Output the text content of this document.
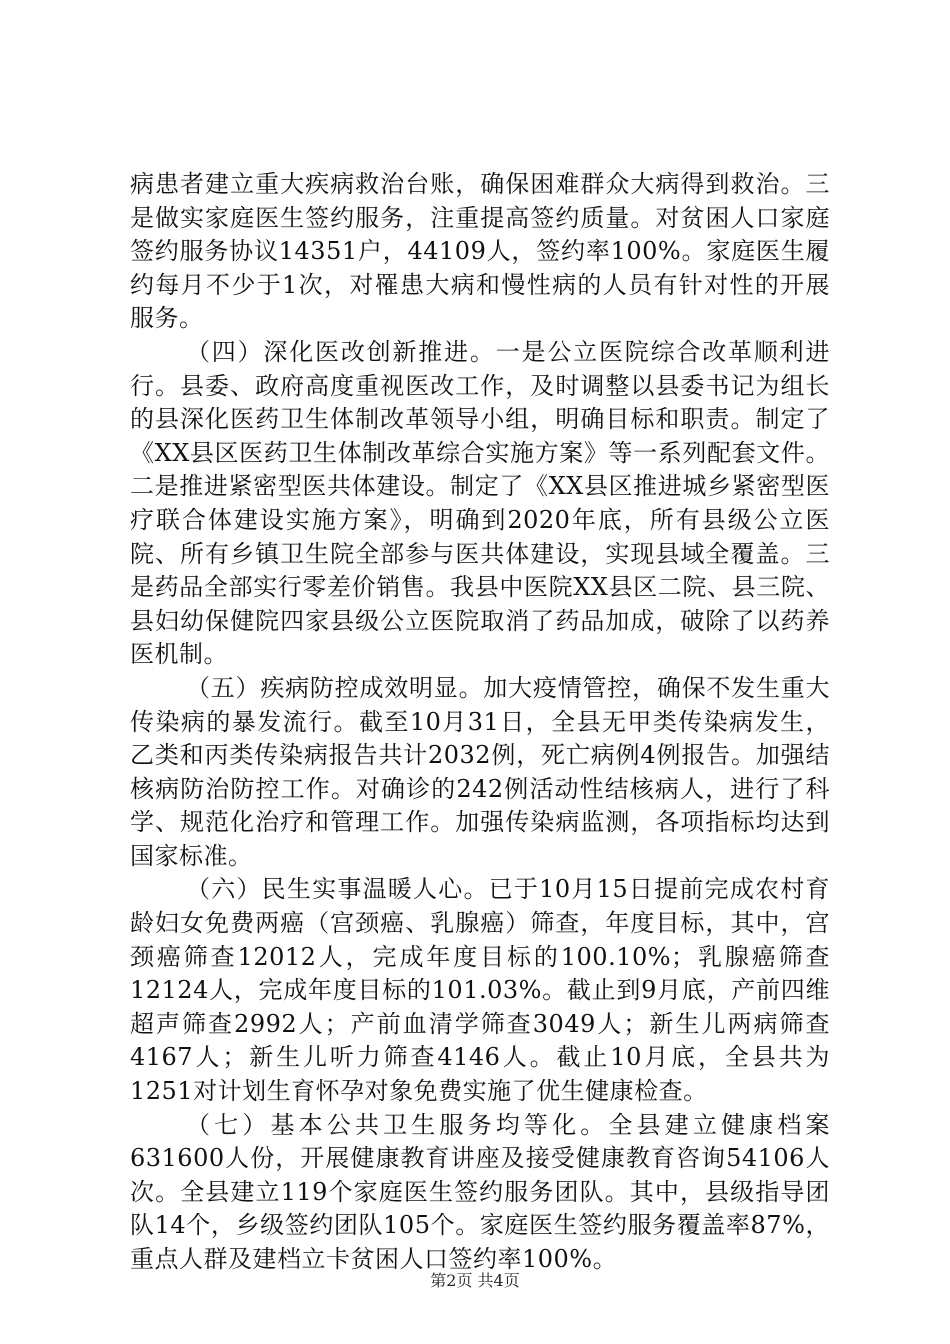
病患者建立重大疾病救治台账，确保困难群众大病得到救治。三是做实家庭医生签约服务，注重提高签约质量。对贫困人口家庭签约服务协议14351户，44109人，签约率100%。家庭医生履约每月不少于1次，对罹患大病和慢性病的人员有针对性的开展服务。

（四）深化医改创新推进。一是公立医院综合改革顺利进行。县委、政府高度重视医改工作，及时调整以县委书记为组长的县深化医药卫生体制改革领导小组，明确目标和职责。制定了《XX县区医药卫生体制改革综合实施方案》等一系列配套文件。二是推进紧密型医共体建设。制定了《XX县区推进城乡紧密型医疗联合体建设实施方案》，明确到2020年底，所有县级公立医院、所有乡镇卫生院全部参与医共体建设，实现县域全覆盖。三是药品全部实行零差价销售。我县中医院XX县区二院、县三院、县妇幼保健院四家县级公立医院取消了药品加成，破除了以药养医机制。

（五）疾病防控成效明显。加大疫情管控，确保不发生重大传染病的暴发流行。截至10月31日，全县无甲类传染病发生，乙类和丙类传染病报告共计2032例，死亡病例4例报告。加强结核病防治防控工作。对确诊的242例活动性结核病人，进行了科学、规范化治疗和管理工作。加强传染病监测，各项指标均达到国家标准。

（六）民生实事温暖人心。已于10月15日提前完成农村育龄妇女免费两癌（宫颈癌、乳腺癌）筛查，年度目标，其中，宫颈癌筛查12012人，完成年度目标的100.10%；乳腺癌筛查12124人，完成年度目标的101.03%。截止到9月底，产前四维超声筛查2992人；产前血清学筛查3049人；新生儿两病筛查4167人；新生儿听力筛查4146人。截止10月底，全县共为1251对计划生育怀孕对象免费实施了优生健康检查。

（七）基本公共卫生服务均等化。全县建立健康档案631600人份，开展健康教育讲座及接受健康教育咨询54106人次。全县建立119个家庭医生签约服务团队。其中，县级指导团队14个，乡级签约团队105个。家庭医生签约服务覆盖率87%，重点人群及建档立卡贫困人口签约率100%。

第2页 共4页
